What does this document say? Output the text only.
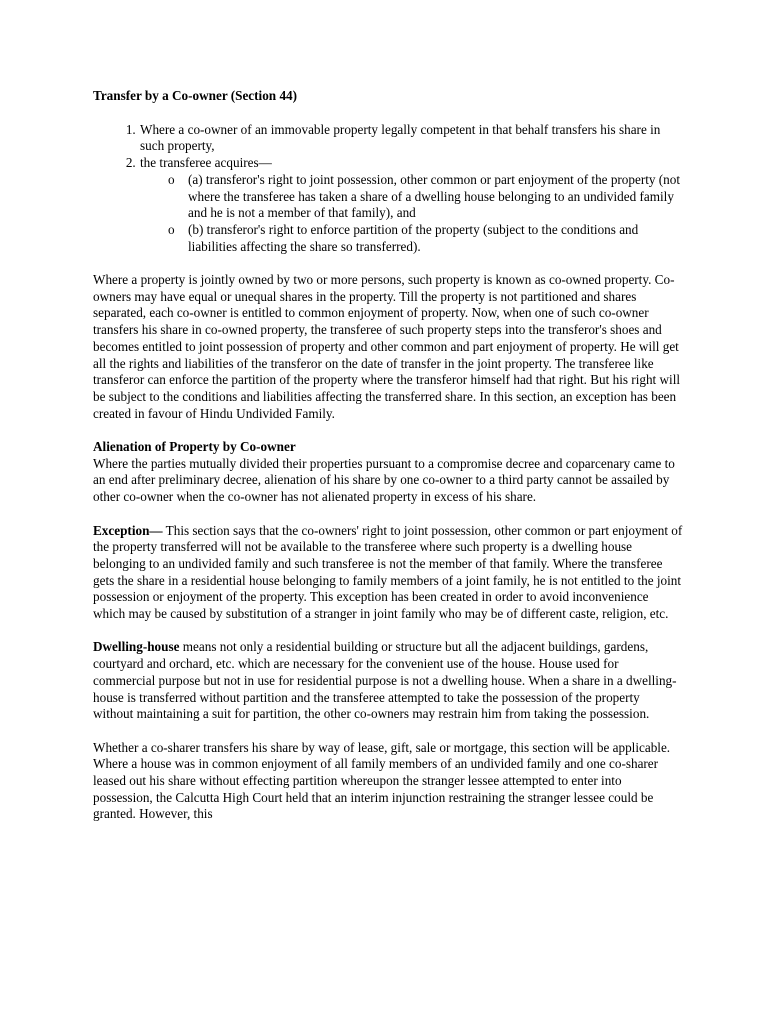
Transfer by a Co-owner (Section 44)
1. Where a co-owner of an immovable property legally competent in that behalf transfers his share in such property,
2. the transferee acquires—
o (a) transferor's right to joint possession, other common or part enjoyment of the property (not where the transferee has taken a share of a dwelling house belonging to an undivided family and he is not a member of that family), and
o (b) transferor's right to enforce partition of the property (subject to the conditions and liabilities affecting the share so transferred).

Where a property is jointly owned by two or more persons, such property is known as co-owned property. Co-owners may have equal or unequal shares in the property. Till the property is not partitioned and shares separated, each co-owner is entitled to common enjoyment of property. Now, when one of such co-owner transfers his share in co-owned property, the transferee of such property steps into the transferor's shoes and becomes entitled to joint possession of property and other common and part enjoyment of property. He will get all the rights and liabilities of the transferor on the date of transfer in the joint property. The transferee like transferor can enforce the partition of the property where the transferor himself had that right. But his right will be subject to the conditions and liabilities affecting the transferred share. In this section, an exception has been created in favour of Hindu Undivided Family.

Alienation of Property by Co-owner

Where the parties mutually divided their properties pursuant to a compromise decree and coparcenary came to an end after preliminary decree, alienation of his share by one co-owner to a third party cannot be assailed by other co-owner when the co-owner has not alienated property in excess of his share.

Exception— This section says that the co-owners' right to joint possession, other common or part enjoyment of the property transferred will not be available to the transferee where such property is a dwelling house belonging to an undivided family and such transferee is not the member of that family. Where the transferee gets the share in a residential house belonging to family members of a joint family, he is not entitled to the joint possession or enjoyment of the property. This exception has been created in order to avoid inconvenience which may be caused by substitution of a stranger in joint family who may be of different caste, religion, etc.

Dwelling-house means not only a residential building or structure but all the adjacent buildings, gardens, courtyard and orchard, etc. which are necessary for the convenient use of the house. House used for commercial purpose but not in use for residential purpose is not a dwelling house. When a share in a dwelling-house is transferred without partition and the transferee attempted to take the possession of the property without maintaining a suit for partition, the other co-owners may restrain him from taking the possession.

Whether a co-sharer transfers his share by way of lease, gift, sale or mortgage, this section will be applicable. Where a house was in common enjoyment of all family members of an undivided family and one co-sharer leased out his share without effecting partition whereupon the stranger lessee attempted to enter into possession, the Calcutta High Court held that an interim injunction restraining the stranger lessee could be granted. However, this
